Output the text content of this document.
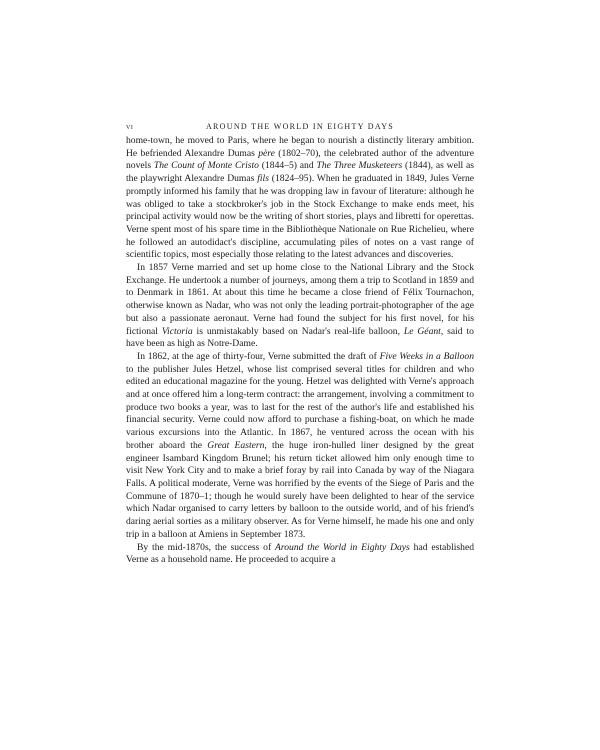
vi	AROUND THE WORLD IN EIGHTY DAYS

home-town, he moved to Paris, where he began to nourish a distinctly literary ambition. He befriended Alexandre Dumas père (1802–70), the celebrated author of the adventure novels The Count of Monte Cristo (1844–5) and The Three Musketeers (1844), as well as the playwright Alexandre Dumas fils (1824–95). When he graduated in 1849, Jules Verne promptly informed his family that he was dropping law in favour of literature: although he was obliged to take a stockbroker's job in the Stock Exchange to make ends meet, his principal activity would now be the writing of short stories, plays and libretti for operettas. Verne spent most of his spare time in the Bibliothèque Nationale on Rue Richelieu, where he followed an autodidact's discipline, accumulating piles of notes on a vast range of scientific topics, most especially those relating to the latest advances and discoveries.

In 1857 Verne married and set up home close to the National Library and the Stock Exchange. He undertook a number of journeys, among them a trip to Scotland in 1859 and to Denmark in 1861. At about this time he became a close friend of Félix Tournachon, otherwise known as Nadar, who was not only the leading portrait-photographer of the age but also a passionate aeronaut. Verne had found the subject for his first novel, for his fictional Victoria is unmistakably based on Nadar's real-life balloon, Le Géant, said to have been as high as Notre-Dame.

In 1862, at the age of thirty-four, Verne submitted the draft of Five Weeks in a Balloon to the publisher Jules Hetzel, whose list comprised several titles for children and who edited an educational magazine for the young. Hetzel was delighted with Verne's approach and at once offered him a long-term contract: the arrangement, involving a commitment to produce two books a year, was to last for the rest of the author's life and established his financial security. Verne could now afford to purchase a fishing-boat, on which he made various excursions into the Atlantic. In 1867, he ventured across the ocean with his brother aboard the Great Eastern, the huge iron-hulled liner designed by the great engineer Isambard Kingdom Brunel; his return ticket allowed him only enough time to visit New York City and to make a brief foray by rail into Canada by way of the Niagara Falls. A political moderate, Verne was horrified by the events of the Siege of Paris and the Commune of 1870–1; though he would surely have been delighted to hear of the service which Nadar organised to carry letters by balloon to the outside world, and of his friend's daring aerial sorties as a military observer. As for Verne himself, he made his one and only trip in a balloon at Amiens in September 1873.

By the mid-1870s, the success of Around the World in Eighty Days had established Verne as a household name. He proceeded to acquire a
